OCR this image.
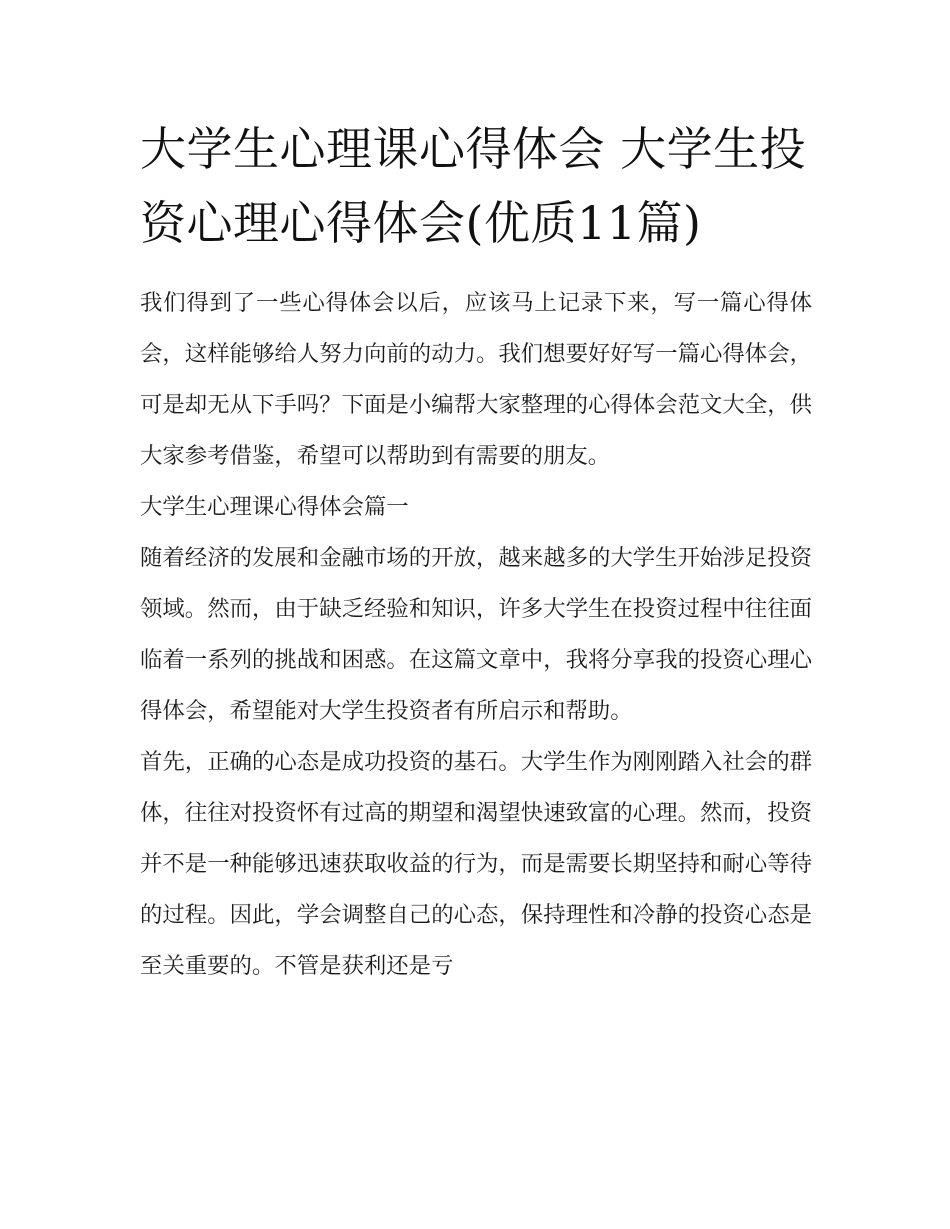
大学生心理课心得体会 大学生投资心理心得体会(优质11篇)

我们得到了一些心得体会以后，应该马上记录下来，写一篇心得体会，这样能够给人努力向前的动力。我们想要好好写一篇心得体会，可是却无从下手吗？下面是小编帮大家整理的心得体会范文大全，供大家参考借鉴，希望可以帮助到有需要的朋友。

大学生心理课心得体会篇一

随着经济的发展和金融市场的开放，越来越多的大学生开始涉足投资领域。然而，由于缺乏经验和知识，许多大学生在投资过程中往往面临着一系列的挑战和困惑。在这篇文章中，我将分享我的投资心理心得体会，希望能对大学生投资者有所启示和帮助。

首先，正确的心态是成功投资的基石。大学生作为刚刚踏入社会的群体，往往对投资怀有过高的期望和渴望快速致富的心理。然而，投资并不是一种能够迅速获取收益的行为，而是需要长期坚持和耐心等待的过程。因此，学会调整自己的心态，保持理性和冷静的投资心态是至关重要的。不管是获利还是亏
